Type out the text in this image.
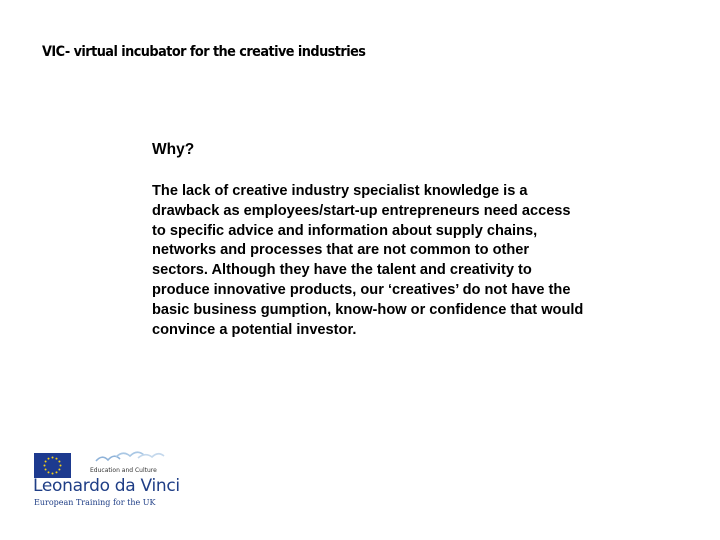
VIC- virtual incubator for the creative industries
Why?
The lack of creative industry specialist knowledge is a
drawback as employees/start-up entrepreneurs need access
to specific advice and information about supply chains,
networks and processes that are not common to other
sectors. Although they have the talent and creativity to
produce innovative products, our ‘creatives’ do not have the
basic business gumption, know-how or confidence that would
convince a potential investor.
Education and Culture
Leonardo da Vinci
European Training for the UK
